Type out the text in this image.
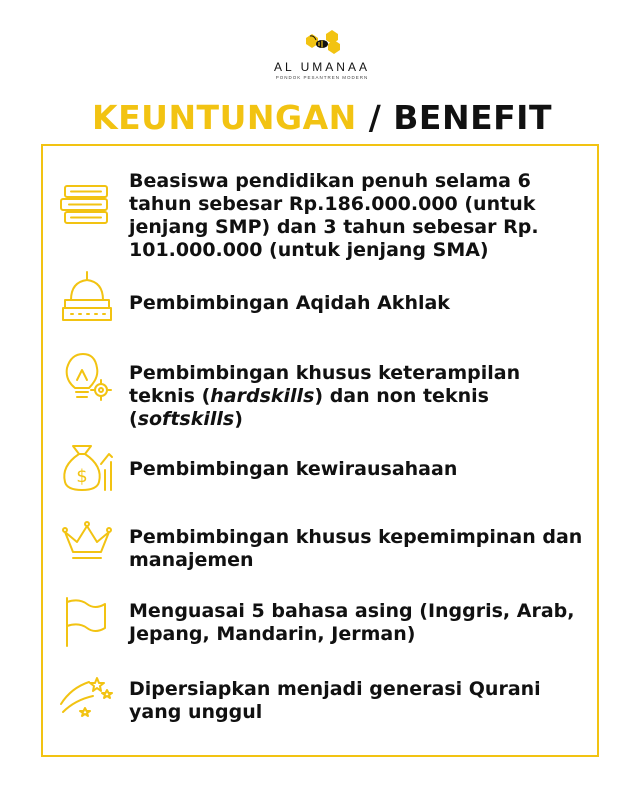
AL UMANAA
PONDOK PESANTREN MODERN
KEUNTUNGAN / BENEFIT
Beasiswa pendidikan penuh selama 6 tahun sebesar Rp.186.000.000 (untuk jenjang SMP) dan 3 tahun sebesar Rp. 101.000.000 (untuk jenjang SMA)
Pembimbingan Aqidah Akhlak
Pembimbingan khusus keterampilan teknis (hardskills) dan non teknis (softskills)
$ Pembimbingan kewirausahaan
Pembimbingan khusus kepemimpinan dan manajemen
Menguasai 5 bahasa asing (Inggris, Arab, Jepang, Mandarin, Jerman)
Dipersiapkan menjadi generasi Qurani yang unggul
